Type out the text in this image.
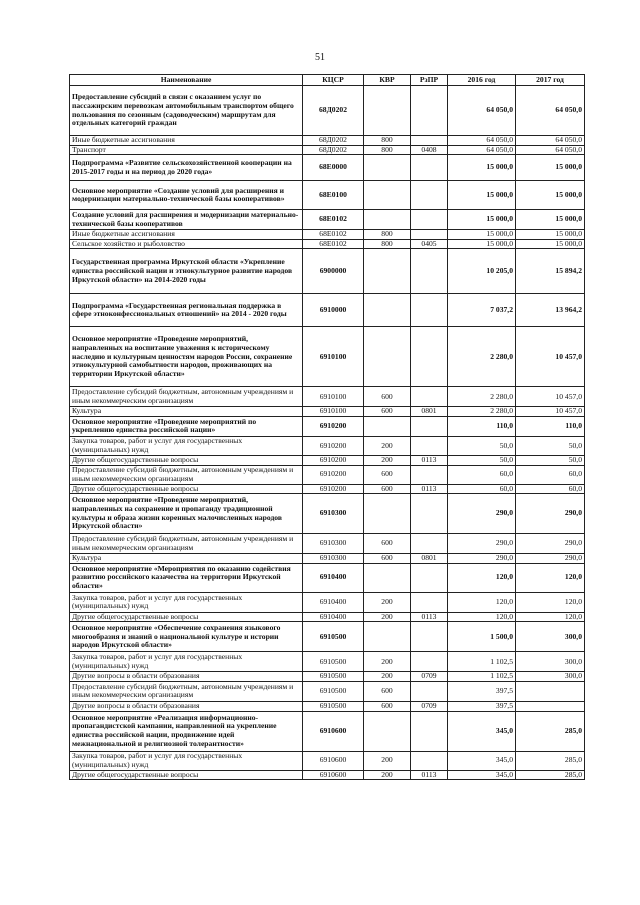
51
Наименование	КЦСР	КВР	РзПР	2016 год	2017 год
Предоставление субсидий в связи с оказанием услуг по пассажирским перевозкам автомобильным транспортом общего пользования по сезонным (садоводческим) маршрутам для отдельных категорий граждан	68Д0202			64 050,0	64 050,0
Иные бюджетные ассигнования	68Д0202	800		64 050,0	64 050,0
Транспорт	68Д0202	800	0408	64 050,0	64 050,0
Подпрограмма «Развитие сельскохозяйственной кооперации на 2015-2017 годы и на период до 2020 года»	68Е0000			15 000,0	15 000,0
Основное мероприятие «Создание условий для расширения и модернизации материально-технической базы кооперативов»	68Е0100			15 000,0	15 000,0
Создание условий для расширения и модернизации материально-технической базы кооперативов	68Е0102			15 000,0	15 000,0
Иные бюджетные ассигнования	68Е0102	800		15 000,0	15 000,0
Сельское хозяйство и рыболовство	68Е0102	800	0405	15 000,0	15 000,0
Государственная программа Иркутской области «Укрепление единства российской нации и этнокультурное развитие народов Иркутской области» на 2014-2020 годы	6900000			10 205,0	15 894,2
Подпрограмма «Государственная региональная поддержка в сфере этноконфессиональных отношений» на 2014 - 2020 годы	6910000			7 037,2	13 964,2
Основное мероприятие «Проведение мероприятий, направленных на воспитание уважения к историческому наследию и культурным ценностям народов России, сохранение этнокультурной самобытности народов, проживающих на территории Иркутской области»	6910100			2 280,0	10 457,0
Предоставление субсидий бюджетным, автономным учреждениям и иным некоммерческим организациям	6910100	600		2 280,0	10 457,0
Культура	6910100	600	0801	2 280,0	10 457,0
Основное мероприятие «Проведение мероприятий по укреплению единства российской нации»	6910200			110,0	110,0
Закупка товаров, работ и услуг для государственных (муниципальных) нужд	6910200	200		50,0	50,0
Другие общегосударственные вопросы	6910200	200	0113	50,0	50,0
Предоставление субсидий бюджетным, автономным учреждениям и иным некоммерческим организациям	6910200	600		60,0	60,0
Другие общегосударственные вопросы	6910200	600	0113	60,0	60,0
Основное мероприятие «Проведение мероприятий, направленных на сохранение и пропаганду традиционной культуры и образа жизни коренных малочисленных народов Иркутской области»	6910300			290,0	290,0
Предоставление субсидий бюджетным, автономным учреждениям и иным некоммерческим организациям	6910300	600		290,0	290,0
Культура	6910300	600	0801	290,0	290,0
Основное мероприятие «Мероприятия по оказанию содействия развитию российского казачества на территории Иркутской области»	6910400			120,0	120,0
Закупка товаров, работ и услуг для государственных (муниципальных) нужд	6910400	200		120,0	120,0
Другие общегосударственные вопросы	6910400	200	0113	120,0	120,0
Основное мероприятие «Обеспечение сохранения языкового многообразия и знаний о национальной культуре и истории народов Иркутской области»	6910500			1 500,0	300,0
Закупка товаров, работ и услуг для государственных (муниципальных) нужд	6910500	200		1 102,5	300,0
Другие вопросы в области образования	6910500	200	0709	1 102,5	300,0
Предоставление субсидий бюджетным, автономным учреждениям и иным некоммерческим организациям	6910500	600		397,5	
Другие вопросы в области образования	6910500	600	0709	397,5	
Основное мероприятие «Реализация информационно-пропагандистской кампании, направленной на укрепление единства российской нации, продвижение идей межнациональной и религиозной толерантности»	6910600			345,0	285,0
Закупка товаров, работ и услуг для государственных (муниципальных) нужд	6910600	200		345,0	285,0
Другие общегосударственные вопросы	6910600	200	0113	345,0	285,0
